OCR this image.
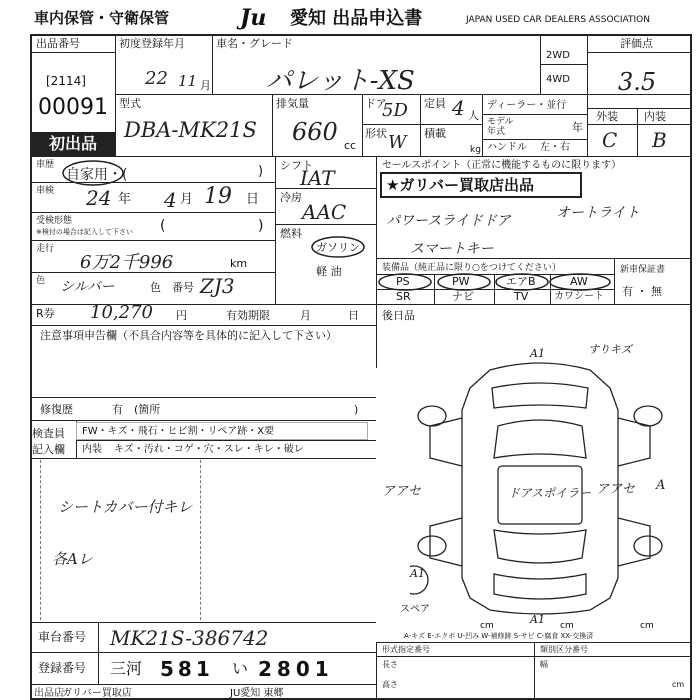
車内保管・守衛保管	Ju	愛知 出品申込書	JAPAN USED CAR DEALERS ASSOCIATION
出品番号
[2114]
00091
初出品
初度登録年月
22 11 月
車名・グレード
パレット-XS
2WD
4WD
評価点
3.5
外装 内装
C B
型式
DBA-MK21S
排気量
660 cc
ドア
5D
形状 W
定員 4 人
積載
kg
ディーラー・並行
モデル
年式	年
ハンドル 左・右
車歴
自家用・(	)
車検 24 年 4 月 19 日
受検形態
※検付の場合は記入して下さい (	)
走行
6万2千996	km
色 シルバー	色 番号 ZJ3
シフト
IAT
冷房
AAC
燃料
ガソリン
軽 油
セールスポイント（正常に機能するものに限ります）
★ガリバー買取店出品
パワースライドドア	オートライト
スマートキー
装備品（純正品に限り○をつけてください）	新車保証書
有 ・ 無
PS	PW	エアB	AW
SR	ナビ	TV	カワシート
R券 10,270 円	有効期限	月	日 後日品
注意事項申告欄（不具合内容等を具体的に記入して下さい）
修復歴	有　(箇所	)
検査員
記入欄
FW・キズ・飛石・ヒビ割・リペア跡・X要
内装 キズ・汚れ・コゲ・穴・スレ・キレ・破レ
シートカバー付キレ
各Aレ
A1	すりキズ
A1
A1
アアセ	ドアスポイラー アアセ A
スペア
A-キズ E-エクボ U-凹み W-補修跡 S-サビ C-腐食 XX-交換済
cm	cm	cm
車台番号 MK21S-386742
登録番号 三河 581 い 2801
出品店
ガリバー買取店	JU愛知 東郷
形式指定番号	類別区分番号
長さ	幅
高さ	cm
